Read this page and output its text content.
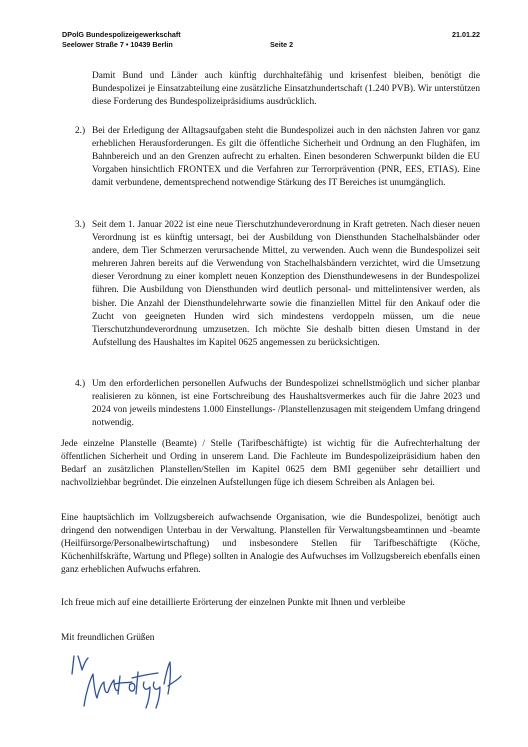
DPolG Bundespolizeigewerkschaft	21.01.22
Seelower Straße 7 • 10439 Berlin	Seite 2
Damit Bund und Länder auch künftig durchhaltefähig und krisenfest bleiben, benötigt die Bundespolizei je Einsatzabteilung eine zusätzliche Einsatzhundertschaft (1.240 PVB). Wir unterstützen diese Forderung des Bundespolizeipräsidiums ausdrücklich.
2.) Bei der Erledigung der Alltagsaufgaben steht die Bundespolizei auch in den nächsten Jahren vor ganz erheblichen Herausforderungen. Es gilt die öffentliche Sicherheit und Ordnung an den Flughäfen, im Bahnbereich und an den Grenzen aufrecht zu erhalten. Einen besonderen Schwerpunkt bilden die EU Vorgaben hinsichtlich FRONTEX und die Verfahren zur Terrorprävention (PNR, EES, ETIAS). Eine damit verbundene, dementsprechend notwendige Stärkung des IT Bereiches ist unumgänglich.
3.) Seit dem 1. Januar 2022 ist eine neue Tierschutzhundeverordnung in Kraft getreten. Nach dieser neuen Verordnung ist es künftig untersagt, bei der Ausbildung von Diensthunden Stachelhalsbänder oder andere, dem Tier Schmerzen verursachende Mittel, zu verwenden. Auch wenn die Bundespolizei seit mehreren Jahren bereits auf die Verwendung von Stachelhalsbändern verzichtet, wird die Umsetzung dieser Verordnung zu einer komplett neuen Konzeption des Diensthundewesens in der Bundespolizei führen. Die Ausbildung von Diensthunden wird deutlich personal- und mittelintensiver werden, als bisher. Die Anzahl der Diensthundelehrwarte sowie die finanziellen Mittel für den Ankauf oder die Zucht von geeigneten Hunden wird sich mindestens verdoppeln müssen, um die neue Tierschutzhundeverordnung umzusetzen. Ich möchte Sie deshalb bitten diesen Umstand in der Aufstellung des Haushaltes im Kapitel 0625 angemessen zu berücksichtigen.
4.) Um den erforderlichen personellen Aufwuchs der Bundespolizei schnellstmöglich und sicher planbar realisieren zu können, ist eine Fortschreibung des Haushaltsvermerkes auch für die Jahre 2023 und 2024 von jeweils mindestens 1.000 Einstellungs- /Planstellenzusagen mit steigendem Umfang dringend notwendig.
Jede einzelne Planstelle (Beamte) / Stelle (Tarifbeschäftigte) ist wichtig für die Aufrechterhaltung der öffentlichen Sicherheit und Ording in unserem Land. Die Fachleute im Bundespolizeipräsidium haben den Bedarf an zusätzlichen Planstellen/Stellen im Kapitel 0625 dem BMI gegenüber sehr detailliert und nachvollziehbar begründet. Die einzelnen Aufstellungen füge ich diesem Schreiben als Anlagen bei.
Eine hauptsächlich im Vollzugsbereich aufwachsende Organisation, wie die Bundespolizei, benötigt auch dringend den notwendigen Unterbau in der Verwaltung. Planstellen für Verwaltungsbeamtinnen und -beamte (Heilfürsorge/Personalbewirtschaftung) und insbesondere Stellen für Tarifbeschäftigte (Köche, Küchenhilfskräfte, Wartung und Pflege) sollten in Analogie des Aufwuchses im Vollzugsbereich ebenfalls einen ganz erheblichen Aufwuchs erfahren.
Ich freue mich auf eine detaillierte Erörterung der einzelnen Punkte mit Ihnen und verbleibe
Mit freundlichen Grüßen
